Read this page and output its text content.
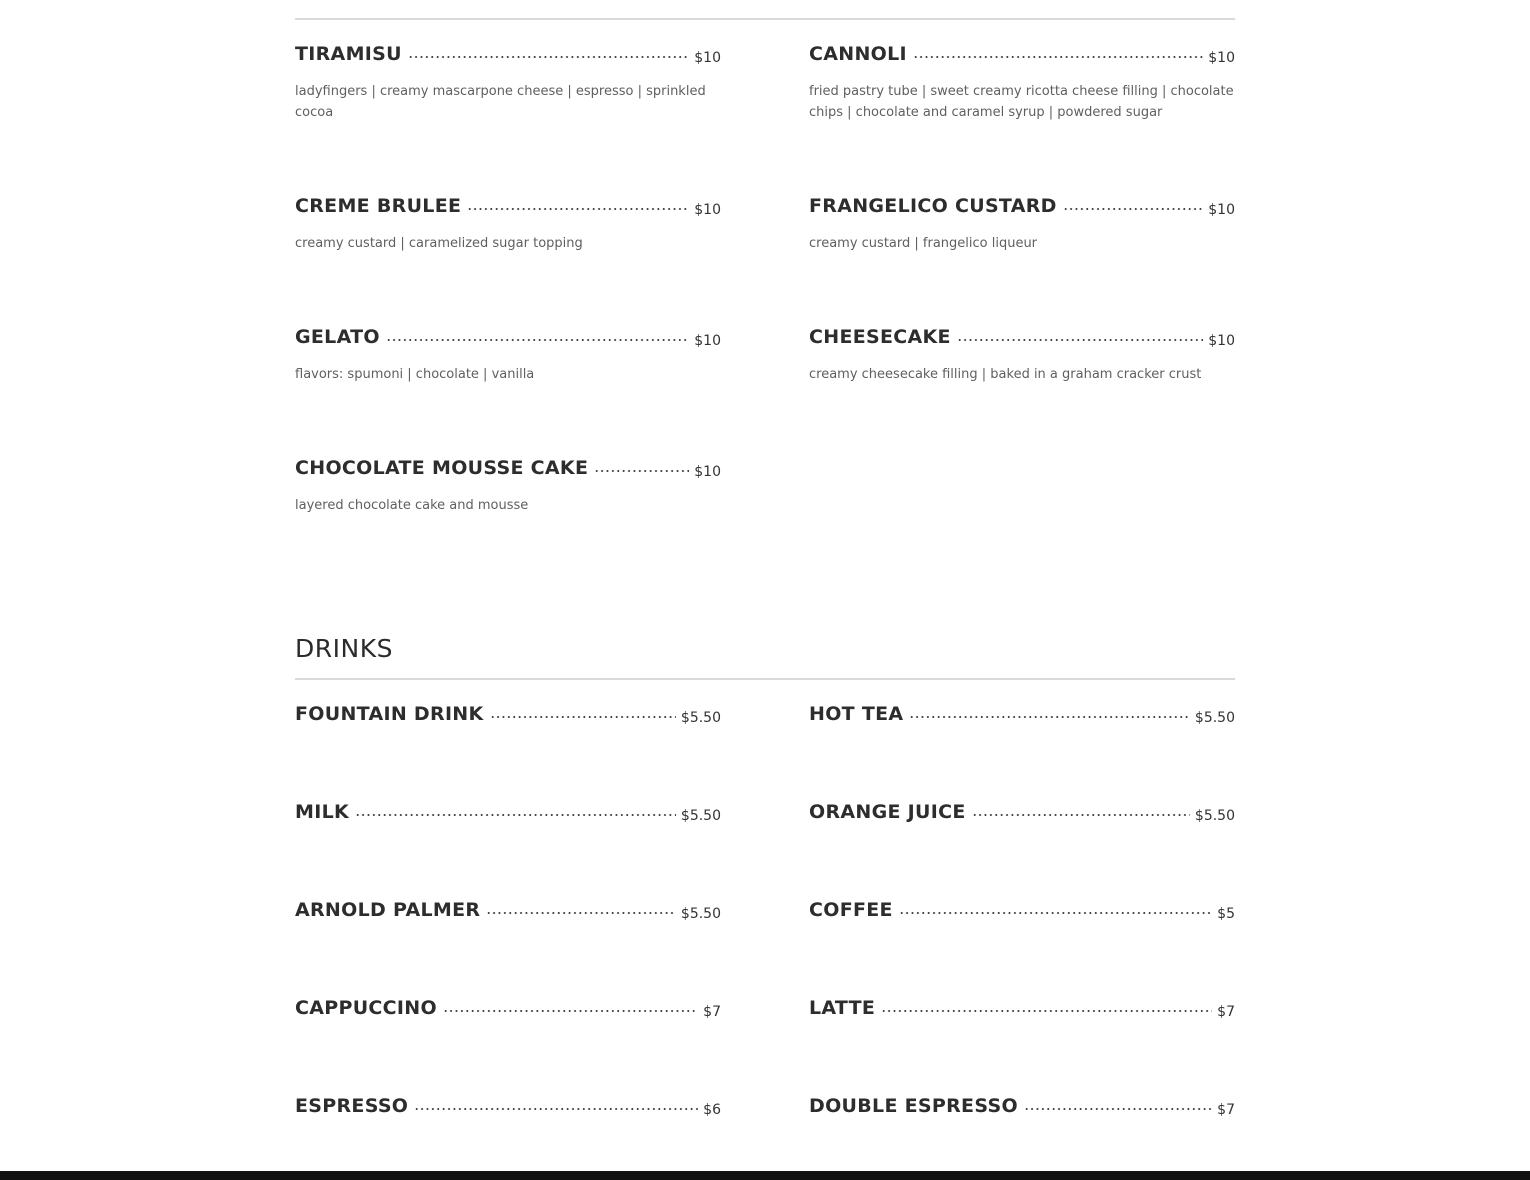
TIRAMISU	$10
ladyfingers | creamy mascarpone cheese | espresso | sprinkled cocoa
CANNOLI	$10
fried pastry tube | sweet creamy ricotta cheese filling | chocolate chips | chocolate and caramel syrup | powdered sugar
CREME BRULEE	$10
creamy custard | caramelized sugar topping
FRANGELICO CUSTARD	$10
creamy custard | frangelico liqueur
GELATO	$10
flavors: spumoni | chocolate | vanilla
CHEESECAKE	$10
creamy cheesecake filling | baked in a graham cracker crust
CHOCOLATE MOUSSE CAKE	$10
layered chocolate cake and mousse
DRINKS
FOUNTAIN DRINK	$5.50	HOT TEA	$5.50
MILK	$5.50	ORANGE JUICE	$5.50
ARNOLD PALMER	$5.50	COFFEE	$5
CAPPUCCINO	$7	LATTE	$7
ESPRESSO	$6	DOUBLE ESPRESSO	$7
